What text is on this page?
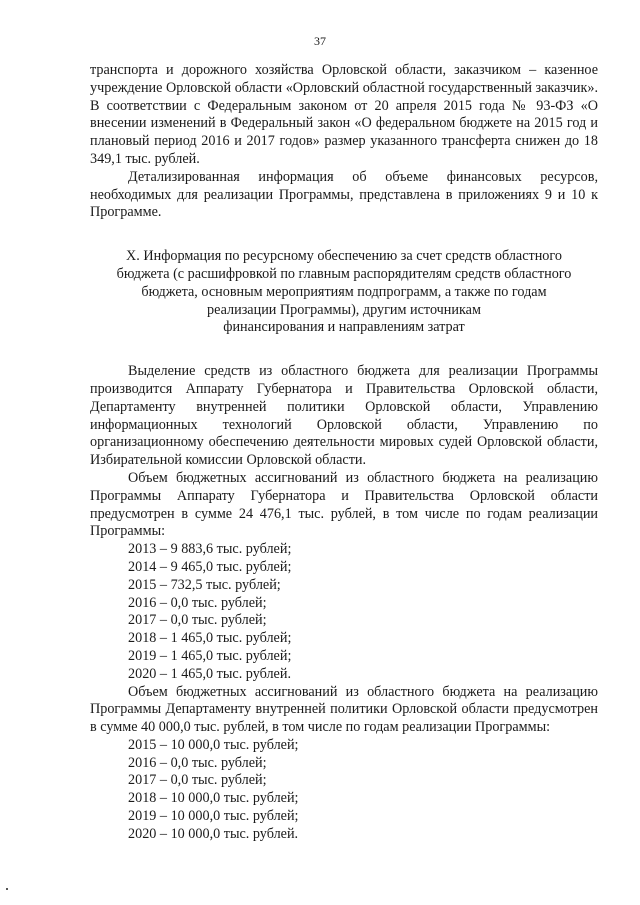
37

транспорта и дорожного хозяйства Орловской области, заказчиком – казенное учреждение Орловской области «Орловский областной государственный заказчик». В соответствии с Федеральным законом от 20 апреля 2015 года № 93-ФЗ «О внесении изменений в Федеральный закон «О федеральном бюджете на 2015 год и плановый период 2016 и 2017 годов» размер указанного трансферта снижен до 18 349,1 тыс. рублей.

Детализированная информация об объеме финансовых ресурсов, необходимых для реализации Программы, представлена в приложениях 9 и 10 к Программе.

X. Информация по ресурсному обеспечению за счет средств областного
бюджета (с расшифровкой по главным распорядителям средств областного
бюджета, основным мероприятиям подпрограмм, а также по годам
реализации Программы), другим источникам
финансирования и направлениям затрат

Выделение средств из областного бюджета для реализации Программы производится Аппарату Губернатора и Правительства Орловской области, Департаменту внутренней политики Орловской области, Управлению информационных технологий Орловской области, Управлению по организационному обеспечению деятельности мировых судей Орловской области, Избирательной комиссии Орловской области.

Объем бюджетных ассигнований из областного бюджета на реализацию Программы Аппарату Губернатора и Правительства Орловской области предусмотрен в сумме 24 476,1 тыс. рублей, в том числе по годам реализации Программы:

2013 – 9 883,6 тыс. рублей;
2014 – 9 465,0 тыс. рублей;
2015 – 732,5 тыс. рублей;
2016 – 0,0 тыс. рублей;
2017 – 0,0 тыс. рублей;
2018 – 1 465,0 тыс. рублей;
2019 – 1 465,0 тыс. рублей;
2020 – 1 465,0 тыс. рублей.

Объем бюджетных ассигнований из областного бюджета на реализацию Программы Департаменту внутренней политики Орловской области предусмотрен в сумме 40 000,0 тыс. рублей, в том числе по годам реализации Программы:

2015 – 10 000,0 тыс. рублей;
2016 – 0,0 тыс. рублей;
2017 – 0,0 тыс. рублей;
2018 – 10 000,0 тыс. рублей;
2019 – 10 000,0 тыс. рублей;
2020 – 10 000,0 тыс. рублей.
